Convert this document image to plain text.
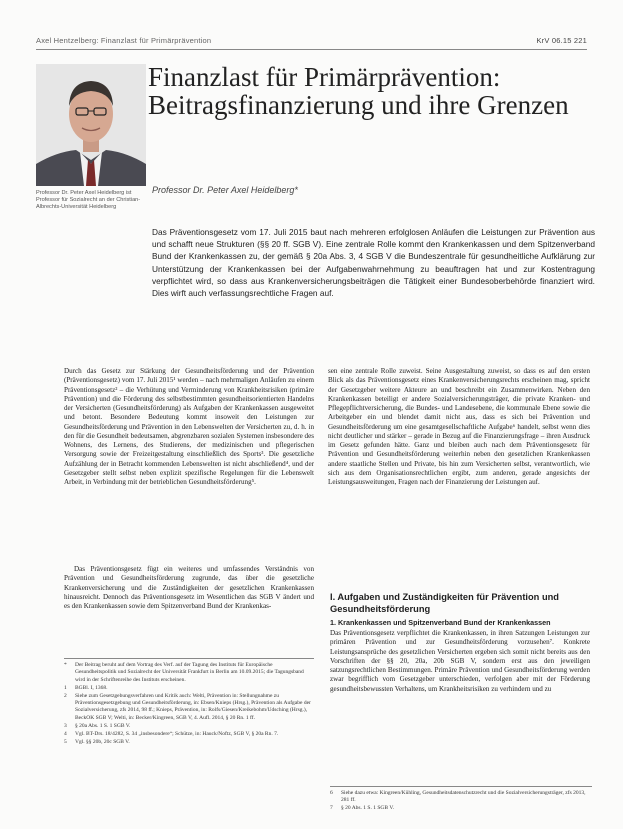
Axel Hentzelberg: Finanzlast für Primärprävention	KrV 06.15 221
Professor Dr. Peter Axel Heidelberg ist Professor für Sozialrecht an der Christian-Albrechts-Universität Heidelberg
Finanzlast für Primärprävention: Beitragsfinanzierung und ihre Grenzen
Professor Dr. Peter Axel Heidelberg*
Das Präventionsgesetz vom 17. Juli 2015 baut nach mehreren erfolglosen Anläufen die Leistungen zur Prävention aus und schafft neue Strukturen (§§ 20 ff. SGB V). Eine zentrale Rolle kommt den Krankenkassen und dem Spitzenverband Bund der Krankenkassen zu, der gemäß § 20a Abs. 3, 4 SGB V die Bundeszentrale für gesundheitliche Aufklärung zur Unterstützung der Krankenkassen bei der Aufgabenwahrnehmung zu beauftragen hat und zur Kostentragung verpflichtet wird, so dass aus Krankenversicherungsbeiträgen die Tätigkeit einer Bundesoberbehörde finanziert wird. Dies wirft auch verfassungsrechtliche Fragen auf.
Durch das Gesetz zur Stärkung der Gesundheitsförderung und der Prävention (Präventionsgesetz) vom 17. Juli 2015¹ werden – nach mehrmaligen Anläufen zu einem Präventionsgesetz² – die Verhütung und Verminderung von Krankheitsrisiken (primäre Prävention) und die Förderung des selbstbestimmten gesundheitsorientierten Handelns der Versicherten (Gesundheitsförderung) als Aufgaben der Krankenkassen ausgeweitet und betont. Besondere Bedeutung kommt insoweit den Leistungen zur Gesundheitsförderung und Prävention in den Lebenswelten der Versicherten zu, d. h. in den für die Gesundheit bedeutsamen, abgrenzbaren sozialen Systemen insbesondere des Wohnens, des Lernens, des Studierens, der medizinischen und pflegerischen Versorgung sowie der Freizeitgestaltung einschließlich des Sports³. Die gesetzliche Aufzählung der in Betracht kommenden Lebenswelten ist nicht abschließend⁴, und der Gesetzgeber stellt selbst neben explizit spezifische Regelungen für die Lebenswelt Arbeit, in Verbindung mit der betrieblichen Gesundheitsförderung⁵.
Das Präventionsgesetz fügt ein weiteres und umfassendes Verständnis von Prävention und Gesundheitsförderung zugrunde, das über die gesetzliche Krankenversicherung und die Zuständigkeiten der gesetzlichen Krankenkassen hinausreicht. Dennoch das Präventionsgesetz im Wesentlichen das SGB V ändert und es den Krankenkassen sowie dem Spitzenverband Bund der Krankenkas-
sen eine zentrale Rolle zuweist. Seine Ausgestaltung zuweist, so dass es auf den ersten Blick als das Präventionsgesetz eines Krankenversicherungsrechts erscheinen mag, spricht der Gesetzgeber weitere Akteure an und beschreibt ein Zusammenwirken. Neben den Krankenkassen beteiligt er andere Sozialversicherungsträger, die private Kranken- und Pflegepflichtversicherung, die Bundes- und Landesebene, die kommunale Ebene sowie die Arbeitgeber ein und blendet damit nicht aus, dass es sich bei Prävention und Gesundheitsförderung um eine gesamtgesellschaftliche Aufgabe⁶ handelt, selbst wenn dies nicht deutlicher und stärker – gerade in Bezug auf die Finanzierungsfrage – ihren Ausdruck im Gesetz gefunden hätte. Ganz und bleiben auch nach dem Präventionsgesetz für Prävention und Gesundheitsförderung weiterhin neben den gesetzlichen Krankenkassen andere staatliche Stellen und Private, bis hin zum Versicherten selbst, verantwortlich, wie sich aus dem Organisationsrechtlichen ergibt, zum anderen, gerade angesichts der Leistungsausweitungen, Fragen nach der Finanzierung der Leistungen auf.
I. Aufgaben und Zuständigkeiten für Prävention und Gesundheitsförderung
1. Krankenkassen und Spitzenverband Bund der Krankenkassen
Das Präventionsgesetz verpflichtet die Krankenkassen, in ihren Satzungen Leistungen zur primären Prävention und zur Gesundheitsförderung vorzusehen⁷. Konkrete Leistungsansprüche des gesetzlichen Versicherten ergeben sich somit nicht bereits aus den Vorschriften der §§ 20, 20a, 20b SGB V, sondern erst aus den jeweiligen satzungsrechtlichen Bestimmungen. Primäre Prävention und Gesundheitsförderung werden zwar begrifflich vom Gesetzgeber unterschieden, verfolgen aber mit der Förderung gesundheitsbewussten Verhaltens, um Krankheitsrisiken zu verhindern und zu
* Der Beitrag beruht auf dem Vortrag des Verf. auf der Tagung des Instituts für Europäische Gesundheitspolitik und Sozialrecht der Universität Frankfurt in Berlin am 10.09.2015; die Tagungsband wird in der Schriftenreihe des Instituts erscheinen.
1 BGBl. I, 1368.
2 Siehe zum Gesetzgebungsverfahren und Kritik auch: Welti, Prävention in: Stellungnahme zu Präventionsgesetzgebung und Gesundheitsförderung, in: Ebsen/Knieps (Hrsg.), Prävention als Aufgabe der Sozialversicherung, zfs 2014, 98 ff.; Knieps, Prävention, in: Rolfs/Giesen/Kreikebohm/Udsching (Hrsg.), BeckOK SGB V; Welti, in: Becker/Kingreen, SGB V, 4. Aufl. 2014, § 20 Rn. 1 ff.
3 § 20a Abs. 1 S. 1 SGB V.
4 Vgl. BT-Drs. 18/4282, S. 34 „insbesondere“; Schütze, in: Hauck/Noftz, SGB V, § 20a Rn. 7.
5 Vgl. §§ 20b, 20c SGB V.
6 Siehe dazu etwa: Kingreen/Kühling, Gesundheitsdatenschutzrecht und die Sozialversicherungsträger, zfs 2013, 281 ff.
7 § 20 Abs. 1 S. 1 SGB V.
